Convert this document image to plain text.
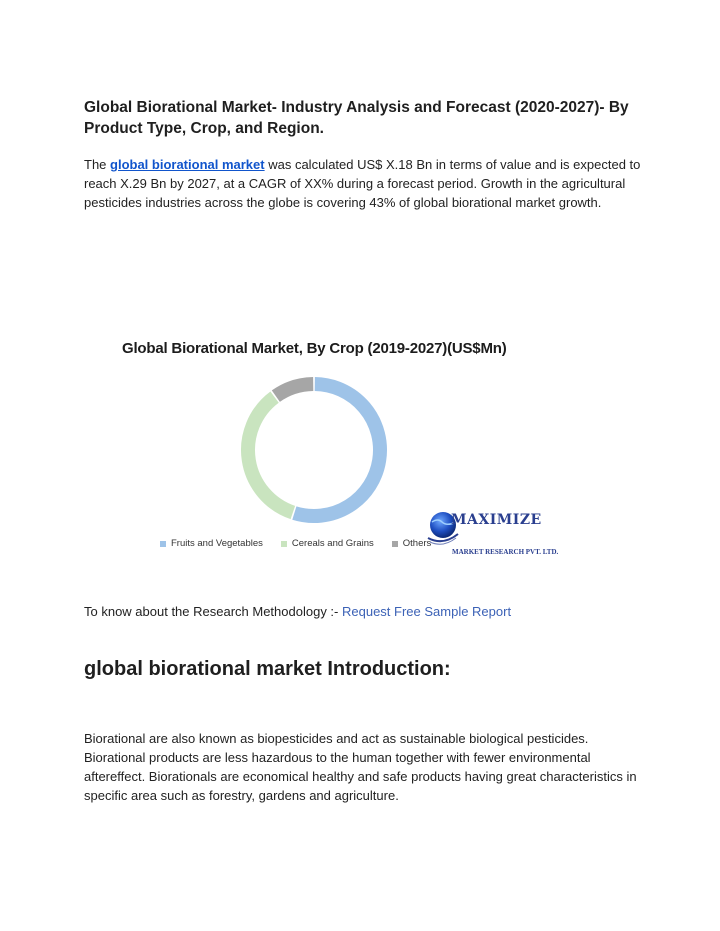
Global Biorational Market- Industry Analysis and Forecast (2020-2027)- By Product Type, Crop, and Region.

The global biorational market was calculated US$ X.18 Bn in terms of value and is expected to reach X.29 Bn by 2027, at a CAGR of XX% during a forecast period. Growth in the agricultural pesticides industries across the globe is covering 43% of global biorational market growth.

Global Biorational Market, By Crop (2019-2027)(US$Mn)
Fruits and Vegetables	Cereals and Grains	Others
MAXIMIZE
MARKET RESEARCH PVT. LTD.
To know about the Research Methodology :- Request Free Sample Report
global biorational market Introduction:

Biorational are also known as biopesticides and act as sustainable biological pesticides. Biorational products are less hazardous to the human together with fewer environmental aftereffect. Biorationals are economical healthy and safe products having great characteristics in specific area such as forestry, gardens and agriculture.
